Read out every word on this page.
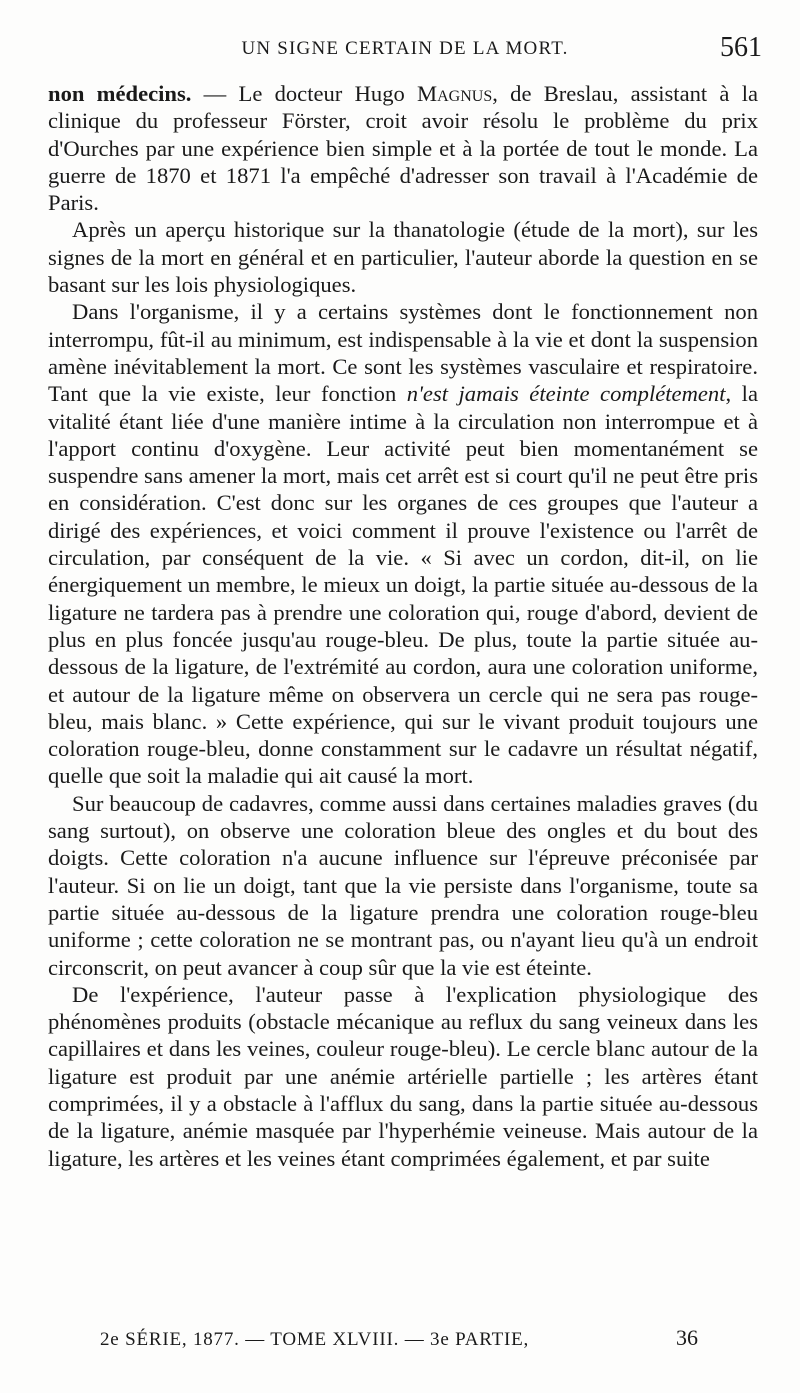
UN SIGNE CERTAIN DE LA MORT.	561

non médecins. — Le docteur Hugo Magnus, de Breslau, assistant à la clinique du professeur Förster, croit avoir résolu le problème du prix d'Ourches par une expérience bien simple et à la portée de tout le monde. La guerre de 1870 et 1871 l'a empêché d'adresser son travail à l'Académie de Paris.

Après un aperçu historique sur la thanatologie (étude de la mort), sur les signes de la mort en général et en particulier, l'auteur aborde la question en se basant sur les lois physiologiques.

Dans l'organisme, il y a certains systèmes dont le fonctionnement non interrompu, fût-il au minimum, est indispensable à la vie et dont la suspension amène inévitablement la mort. Ce sont les systèmes vasculaire et respiratoire. Tant que la vie existe, leur fonction n'est jamais éteinte complétement, la vitalité étant liée d'une manière intime à la circulation non interrompue et à l'apport continu d'oxygène. Leur activité peut bien momentanément se suspendre sans amener la mort, mais cet arrêt est si court qu'il ne peut être pris en considération. C'est donc sur les organes de ces groupes que l'auteur a dirigé des expériences, et voici comment il prouve l'existence ou l'arrêt de circulation, par conséquent de la vie. « Si avec un cordon, dit-il, on lie énergiquement un membre, le mieux un doigt, la partie située au-dessous de la ligature ne tardera pas à prendre une coloration qui, rouge d'abord, devient de plus en plus foncée jusqu'au rouge-bleu. De plus, toute la partie située au-dessous de la ligature, de l'extrémité au cordon, aura une coloration uniforme, et autour de la ligature même on observera un cercle qui ne sera pas rouge-bleu, mais blanc. » Cette expérience, qui sur le vivant produit toujours une coloration rouge-bleu, donne constamment sur le cadavre un résultat négatif, quelle que soit la maladie qui ait causé la mort.

Sur beaucoup de cadavres, comme aussi dans certaines maladies graves (du sang surtout), on observe une coloration bleue des ongles et du bout des doigts. Cette coloration n'a aucune influence sur l'épreuve préconisée par l'auteur. Si on lie un doigt, tant que la vie persiste dans l'organisme, toute sa partie située au-dessous de la ligature prendra une coloration rouge-bleu uniforme ; cette coloration ne se montrant pas, ou n'ayant lieu qu'à un endroit circonscrit, on peut avancer à coup sûr que la vie est éteinte.

De l'expérience, l'auteur passe à l'explication physiologique des phénomènes produits (obstacle mécanique au reflux du sang veineux dans les capillaires et dans les veines, couleur rouge-bleu). Le cercle blanc autour de la ligature est produit par une anémie artérielle partielle ; les artères étant comprimées, il y a obstacle à l'afflux du sang, dans la partie située au-dessous de la ligature, anémie masquée par l'hyperhémie veineuse. Mais autour de la ligature, les artères et les veines étant comprimées également, et par suite

2e SÉRIE, 1877. — TOME XLVIII. — 3e PARTIE,	36
